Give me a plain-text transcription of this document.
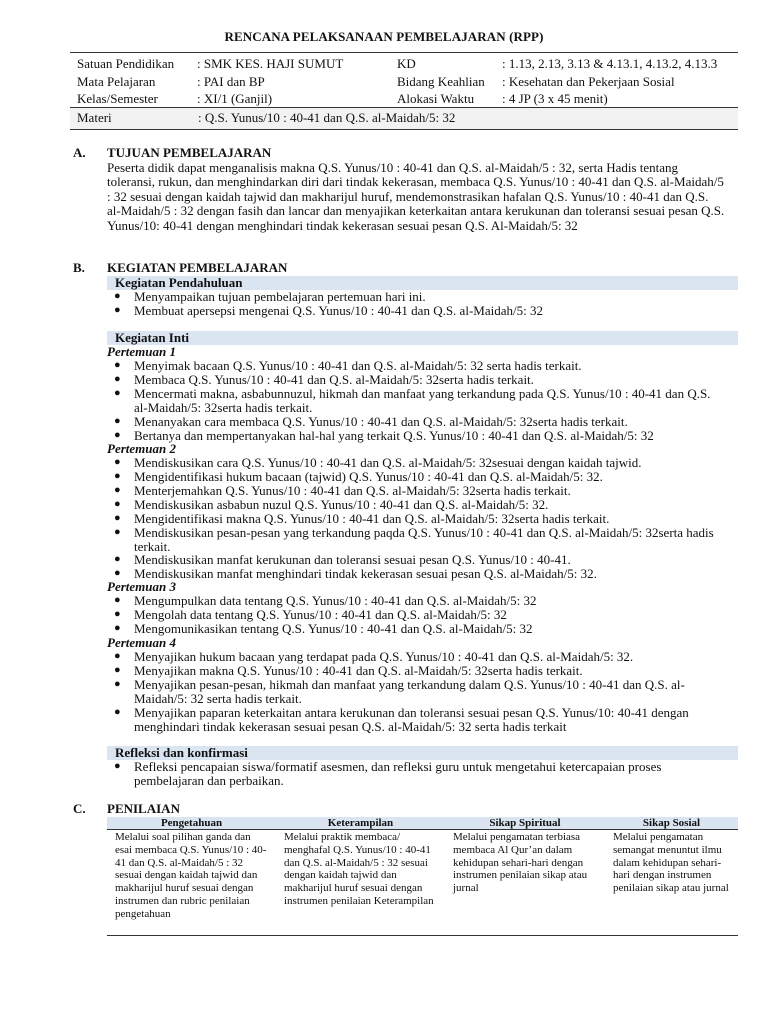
RENCANA PELAKSANAAN PEMBELAJARAN (RPP)
Satuan Pendidikan	: SMK KES. HAJI SUMUT	KD	: 1.13, 2.13, 3.13 & 4.13.1, 4.13.2, 4.13.3
Mata Pelajaran	: PAI dan BP	Bidang Keahlian	: Kesehatan dan Pekerjaan Sosial
Kelas/Semester	: XI/1 (Ganjil)	Alokasi Waktu	: 4 JP (3 x 45 menit)
Materi	: Q.S. Yunus/10 : 40-41 dan Q.S. al-Maidah/5: 32
A. TUJUAN PEMBELAJARAN
Peserta didik dapat menganalisis makna Q.S. Yunus/10 : 40-41 dan Q.S. al-Maidah/5 : 32, serta Hadis tentang toleransi, rukun, dan menghindarkan diri dari tindak kekerasan, membaca Q.S. Yunus/10 : 40-41 dan Q.S. al-Maidah/5 : 32 sesuai dengan kaidah tajwid dan makharijul huruf, mendemonstrasikan hafalan Q.S. Yunus/10 : 40-41 dan Q.S. al-Maidah/5 : 32 dengan fasih dan lancar dan menyajikan keterkaitan antara kerukunan dan toleransi sesuai pesan Q.S. Yunus/10: 40-41 dengan menghindari tindak kekerasan sesuai pesan Q.S. Al-Maidah/5: 32
B. KEGIATAN PEMBELAJARAN
Kegiatan Pendahuluan
● Menyampaikan tujuan pembelajaran pertemuan hari ini.
● Membuat apersepsi mengenai Q.S. Yunus/10 : 40-41 dan Q.S. al-Maidah/5: 32
Kegiatan Inti
Pertemuan 1
● Menyimak bacaan Q.S. Yunus/10 : 40-41 dan Q.S. al-Maidah/5: 32 serta hadis terkait.
● Membaca Q.S. Yunus/10 : 40-41 dan Q.S. al-Maidah/5: 32serta hadis terkait.
● Mencermati makna, asbabunnuzul, hikmah dan manfaat yang terkandung pada Q.S. Yunus/10 : 40-41 dan Q.S. al-Maidah/5: 32serta hadis terkait.
● Menanyakan cara membaca Q.S. Yunus/10 : 40-41 dan Q.S. al-Maidah/5: 32serta hadis terkait.
● Bertanya dan mempertanyakan hal-hal yang terkait Q.S. Yunus/10 : 40-41 dan Q.S. al-Maidah/5: 32
Pertemuan 2
● Mendiskusikan cara Q.S. Yunus/10 : 40-41 dan Q.S. al-Maidah/5: 32sesuai dengan kaidah tajwid.
● Mengidentifikasi hukum bacaan (tajwid) Q.S. Yunus/10 : 40-41 dan Q.S. al-Maidah/5: 32.
● Menterjemahkan Q.S. Yunus/10 : 40-41 dan Q.S. al-Maidah/5: 32serta hadis terkait.
● Mendiskusikan asbabun nuzul Q.S. Yunus/10 : 40-41 dan Q.S. al-Maidah/5: 32.
● Mengidentifikasi makna Q.S. Yunus/10 : 40-41 dan Q.S. al-Maidah/5: 32serta hadis terkait.
● Mendiskusikan pesan-pesan yang terkandung paqda Q.S. Yunus/10 : 40-41 dan Q.S. al-Maidah/5: 32serta hadis terkait.
● Mendiskusikan manfat kerukunan dan toleransi sesuai pesan Q.S. Yunus/10 : 40-41.
● Mendiskusikan manfat menghindari tindak kekerasan sesuai pesan Q.S. al-Maidah/5: 32.
Pertemuan 3
● Mengumpulkan data tentang Q.S. Yunus/10 : 40-41 dan Q.S. al-Maidah/5: 32
● Mengolah data tentang Q.S. Yunus/10 : 40-41 dan Q.S. al-Maidah/5: 32
● Mengomunikasikan tentang Q.S. Yunus/10 : 40-41 dan Q.S. al-Maidah/5: 32
Pertemuan 4
● Menyajikan hukum bacaan yang terdapat pada Q.S. Yunus/10 : 40-41 dan Q.S. al-Maidah/5: 32.
● Menyajikan makna Q.S. Yunus/10 : 40-41 dan Q.S. al-Maidah/5: 32serta hadis terkait.
● Menyajikan pesan-pesan, hikmah dan manfaat yang terkandung dalam Q.S. Yunus/10 : 40-41 dan Q.S. al-Maidah/5: 32 serta hadis terkait.
● Menyajikan paparan keterkaitan antara kerukunan dan toleransi sesuai pesan Q.S. Yunus/10: 40-41 dengan menghindari tindak kekerasan sesuai pesan Q.S. al-Maidah/5: 32 serta hadis terkait
Refleksi dan konfirmasi
● Refleksi pencapaian siswa/formatif asesmen, dan refleksi guru untuk mengetahui ketercapaian proses pembelajaran dan perbaikan.
C. PENILAIAN
Pengetahuan	Keterampilan	Sikap Spiritual	Sikap Sosial
Melalui soal pilihan ganda dan esai membaca Q.S. Yunus/10 : 40-41 dan Q.S. al-Maidah/5 : 32 sesuai dengan kaidah tajwid dan makharijul huruf sesuai dengan instrumen dan rubric penilaian pengetahuan	Melalui praktik membaca/ menghafal Q.S. Yunus/10 : 40-41 dan Q.S. al-Maidah/5 : 32 sesuai dengan kaidah tajwid dan makharijul huruf sesuai dengan instrumen penilaian Keterampilan	Melalui pengamatan terbiasa membaca Al Qur’an dalam kehidupan sehari-hari dengan instrumen penilaian sikap atau jurnal	Melalui pengamatan semangat menuntut ilmu dalam kehidupan sehari-hari dengan instrumen penilaian sikap atau jurnal
